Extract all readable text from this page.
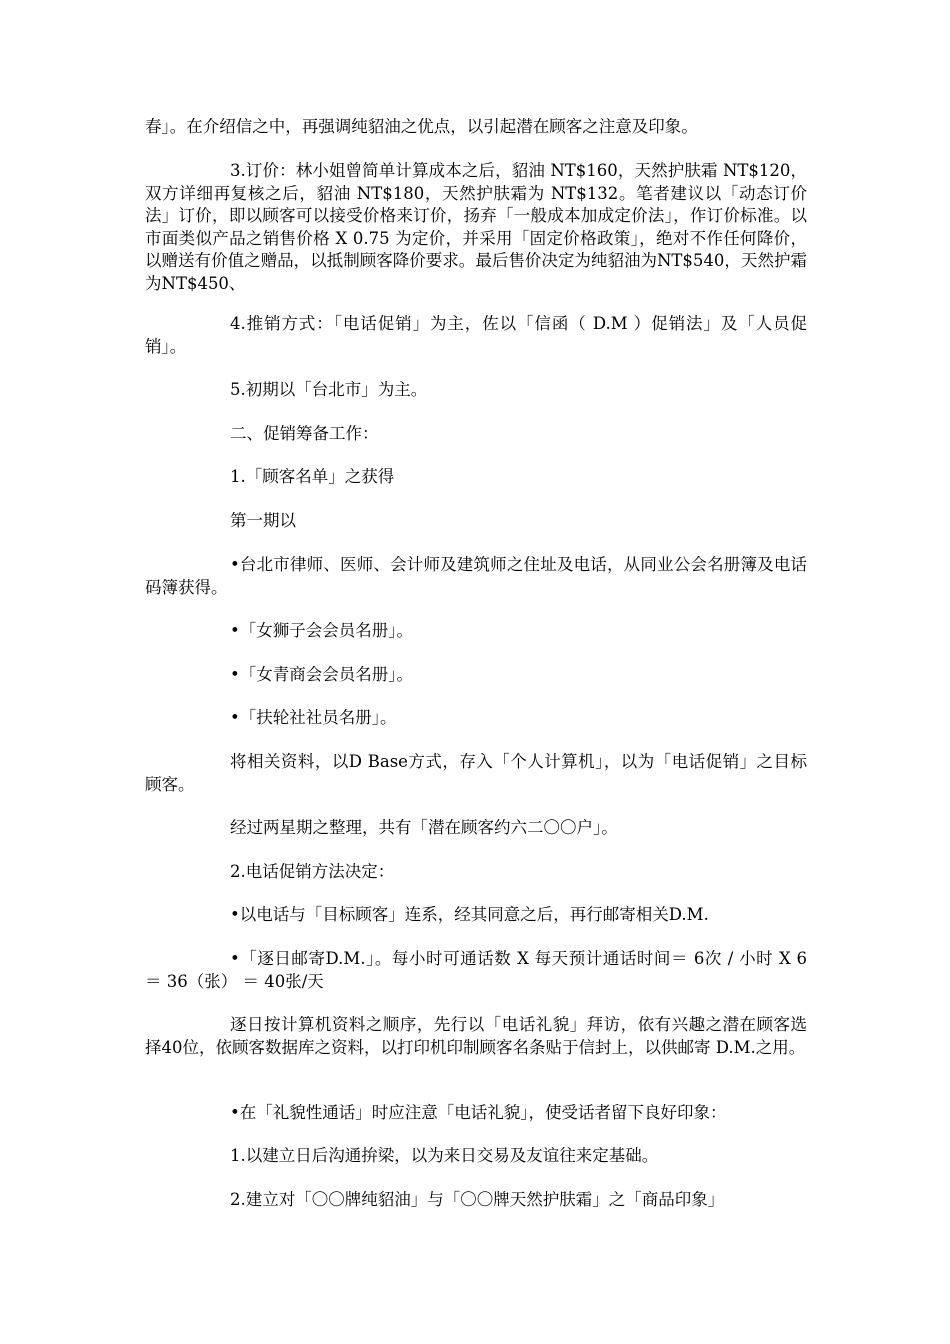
春」。在介绍信之中，再强调纯貂油之优点，以引起潜在顾客之注意及印象。

3.订价：林小姐曾简单计算成本之后，貂油 NT$160，天然护肤霜 NT$120，双方详细再复核之后，貂油 NT$180，天然护肤霜为 NT$132。笔者建议以「动态订价法」订价，即以顾客可以接受价格来订价，扬弃「一般成本加成定价法」，作订价标准。以市面类似产品之销售价格 X 0.75 为定价，并采用「固定价格政策」，绝对不作任何降价，以赠送有价值之赠品，以抵制顾客降价要求。最后售价决定为纯貂油为NT$540，天然护霜为NT$450、

4.推销方式：「电话促销」为主，佐以「信函（ D.M ）促销法」及「人员促销」。

5.初期以「台北市」为主。

二、促销筹备工作：

1.「顾客名单」之获得

第一期以

•台北市律师、医师、会计师及建筑师之住址及电话，从同业公会名册簿及电话码簿获得。

•「女狮子会会员名册」。

•「女青商会会员名册」。

•「扶轮社社员名册」。

将相关资料，以D Base方式，存入「个人计算机」，以为「电话促销」之目标顾客。

经过两星期之整理，共有「潜在顾客约六二〇〇户」。

2.电话促销方法决定：

•以电话与「目标顾客」连系，经其同意之后，再行邮寄相关D.M.

•「逐日邮寄D.M.」。每小时可通话数 X 每天预计通话时间＝ 6次 / 小时 X 6 ＝ 36（张） ＝ 40张/天

逐日按计算机资料之顺序，先行以「电话礼貌」拜访，依有兴趣之潜在顾客选择40位，依顾客数据库之资料，以打印机印制顾客名条贴于信封上，以供邮寄 D.M.之用。

•在「礼貌性通话」时应注意「电话礼貌」，使受话者留下良好印象：

1.以建立日后沟通拚梁，以为来日交易及友谊往来定基础。

2.建立对「〇〇牌纯貂油」与「〇〇牌天然护肤霜」之「商品印象」
